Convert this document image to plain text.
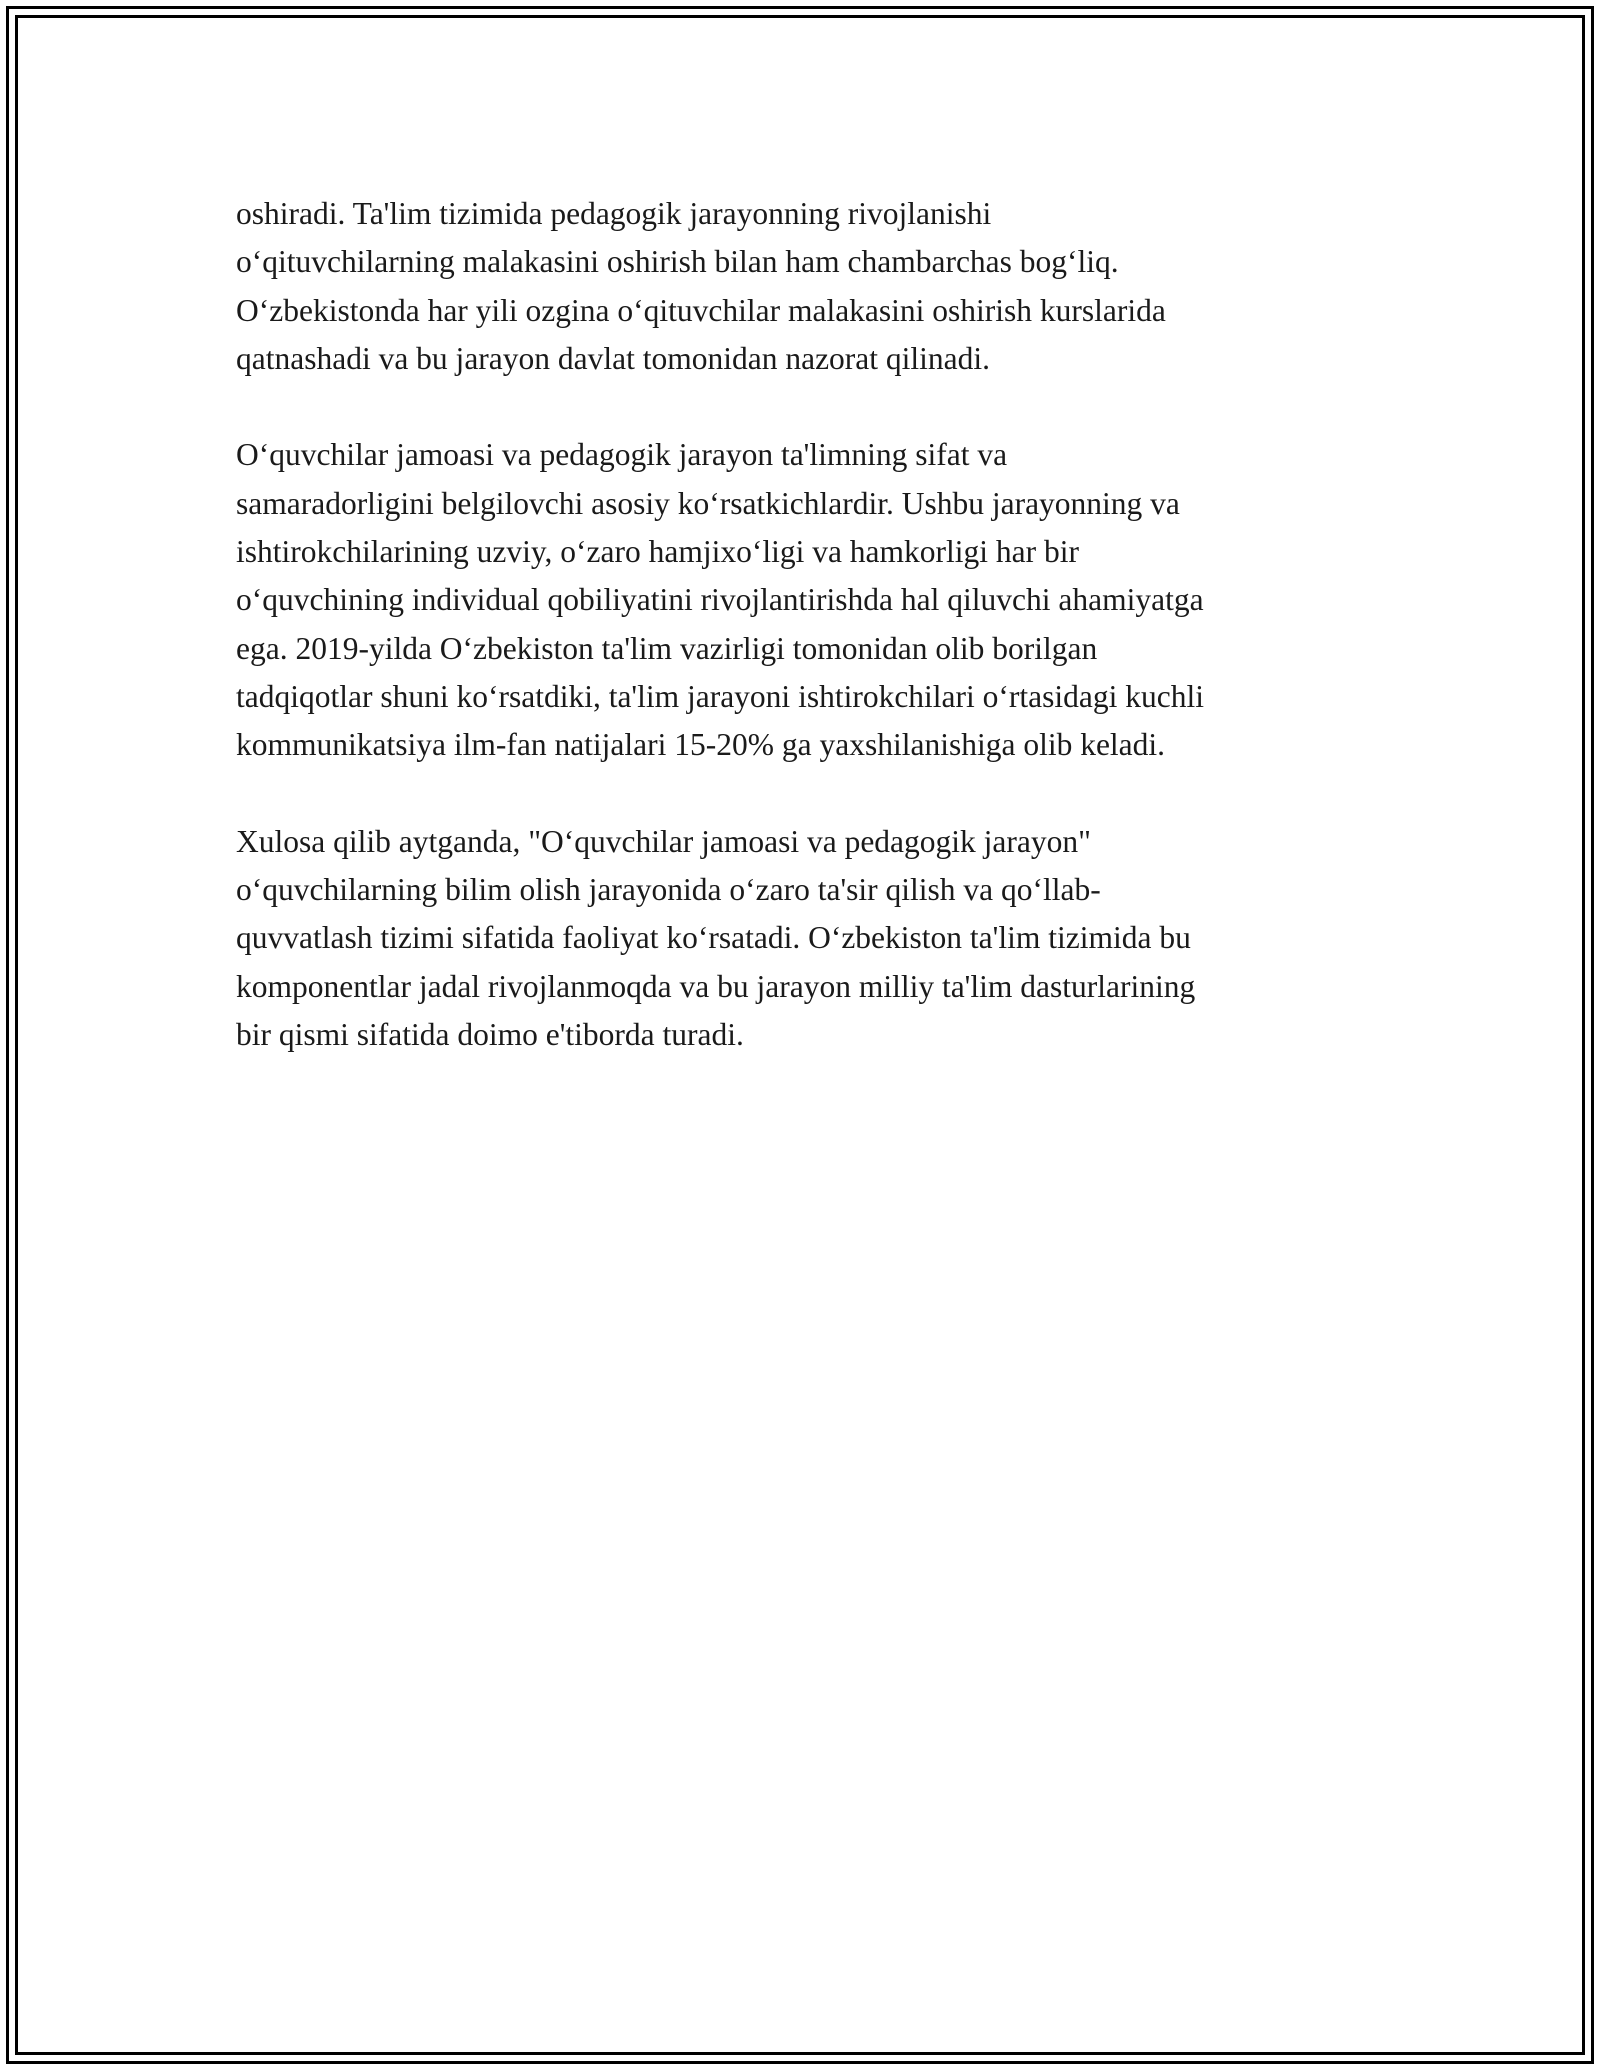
oshiradi. Ta'lim tizimida pedagogik jarayonning rivojlanishi
o‘qituvchilarning malakasini oshirish bilan ham chambarchas bog‘liq.
O‘zbekistonda har yili ozgina o‘qituvchilar malakasini oshirish kurslarida
qatnashadi va bu jarayon davlat tomonidan nazorat qilinadi.

O‘quvchilar jamoasi va pedagogik jarayon ta'limning sifat va
samaradorligini belgilovchi asosiy ko‘rsatkichlardir. Ushbu jarayonning va
ishtirokchilarining uzviy, o‘zaro hamjixo‘ligi va hamkorligi har bir
o‘quvchining individual qobiliyatini rivojlantirishda hal qiluvchi ahamiyatga
ega. 2019-yilda O‘zbekiston ta'lim vazirligi tomonidan olib borilgan
tadqiqotlar shuni ko‘rsatdiki, ta'lim jarayoni ishtirokchilari o‘rtasidagi kuchli
kommunikatsiya ilm-fan natijalari 15-20% ga yaxshilanishiga olib keladi.

Xulosa qilib aytganda, "O‘quvchilar jamoasi va pedagogik jarayon"
o‘quvchilarning bilim olish jarayonida o‘zaro ta'sir qilish va qo‘llab-
quvvatlash tizimi sifatida faoliyat ko‘rsatadi. O‘zbekiston ta'lim tizimida bu
komponentlar jadal rivojlanmoqda va bu jarayon milliy ta'lim dasturlarining
bir qismi sifatida doimo e'tiborda turadi.
